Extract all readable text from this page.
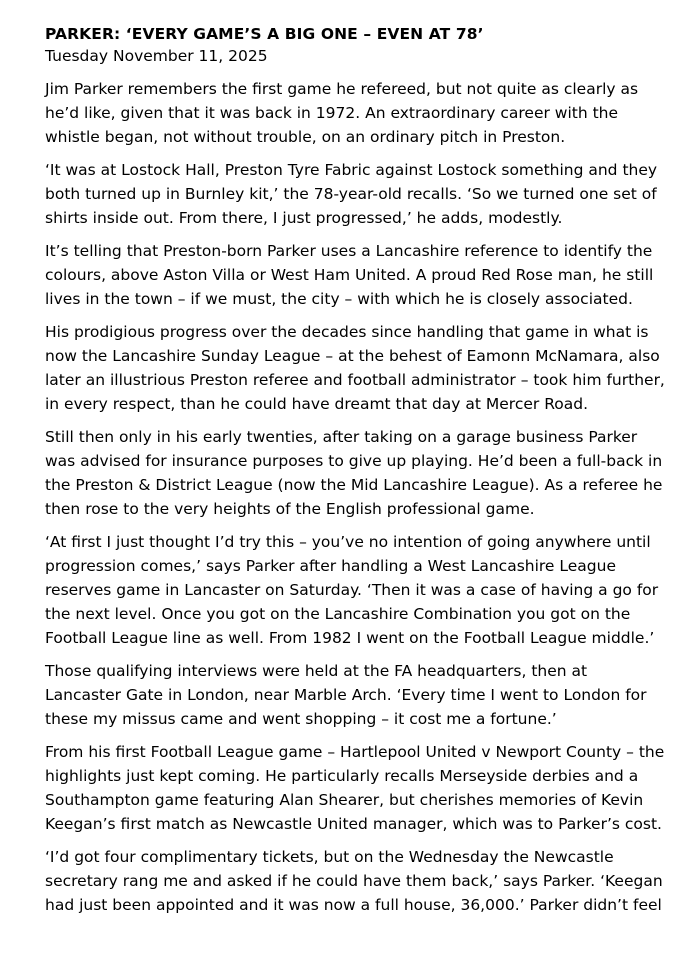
PARKER: ‘EVERY GAME’S A BIG ONE – EVEN AT 78’

Tuesday November 11, 2025

Jim Parker remembers the first game he refereed, but not quite as clearly as he’d like, given that it was back in 1972. An extraordinary career with the whistle began, not without trouble, on an ordinary pitch in Preston.

‘It was at Lostock Hall, Preston Tyre Fabric against Lostock something and they both turned up in Burnley kit,’ the 78-year-old recalls. ‘So we turned one set of shirts inside out. From there, I just progressed,’ he adds, modestly.

It’s telling that Preston-born Parker uses a Lancashire reference to identify the colours, above Aston Villa or West Ham United. A proud Red Rose man, he still lives in the town – if we must, the city – with which he is closely associated.

His prodigious progress over the decades since handling that game in what is now the Lancashire Sunday League – at the behest of Eamonn McNamara, also later an illustrious Preston referee and football administrator – took him further, in every respect, than he could have dreamt that day at Mercer Road.

Still then only in his early twenties, after taking on a garage business Parker was advised for insurance purposes to give up playing. He’d been a full-back in the Preston & District League (now the Mid Lancashire League). As a referee he then rose to the very heights of the English professional game.

‘At first I just thought I’d try this – you’ve no intention of going anywhere until progression comes,’ says Parker after handling a West Lancashire League reserves game in Lancaster on Saturday. ‘Then it was a case of having a go for the next level. Once you got on the Lancashire Combination you got on the Football League line as well. From 1982 I went on the Football League middle.’

Those qualifying interviews were held at the FA headquarters, then at Lancaster Gate in London, near Marble Arch. ‘Every time I went to London for these my missus came and went shopping – it cost me a fortune.’

From his first Football League game – Hartlepool United v Newport County – the highlights just kept coming. He particularly recalls Merseyside derbies and a Southampton game featuring Alan Shearer, but cherishes memories of Kevin Keegan’s first match as Newcastle United manager, which was to Parker’s cost.

‘I’d got four complimentary tickets, but on the Wednesday the Newcastle secretary rang me and asked if he could have them back,’ says Parker. ‘Keegan had just been appointed and it was now a full house, 36,000.’ Parker didn’t feel
